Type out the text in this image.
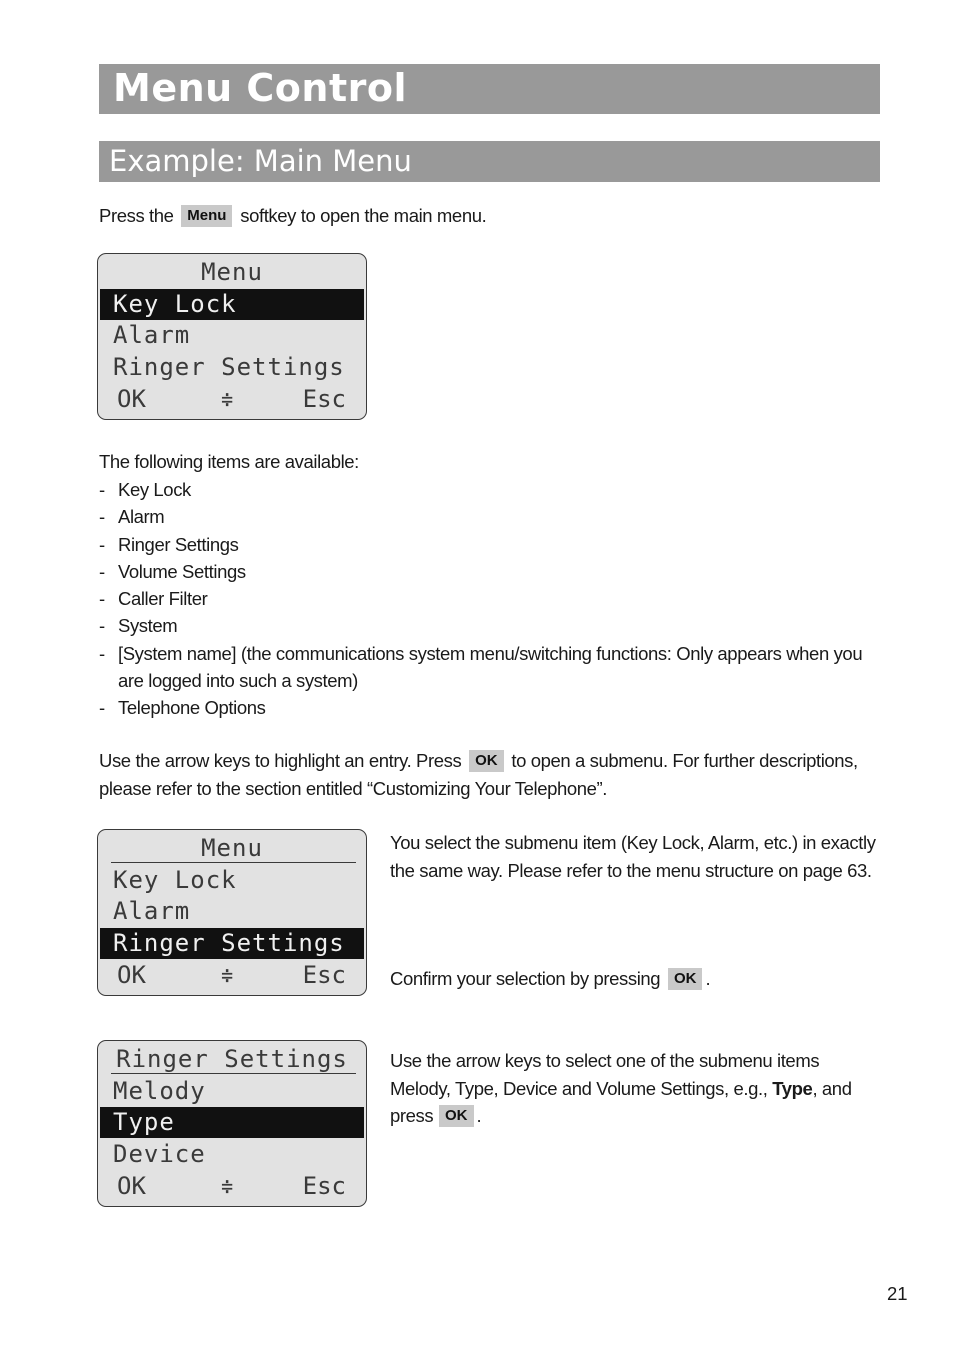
Menu Control
Example: Main Menu
Press the Menu softkey to open the main menu.
Menu
Key Lock
Alarm
Ringer Settings
OK	≑	Esc
The following items are available:
- Key Lock
- Alarm
- Ringer Settings
- Volume Settings
- Caller Filter
- System
- [System name] (the communications system menu/switching functions: Only appears when you are logged into such a system)
- Telephone Options
Use the arrow keys to highlight an entry. Press OK to open a submenu. For further descriptions, please refer to the section entitled “Customizing Your Telephone”.
Menu
Key Lock
Alarm
Ringer Settings
OK	≑	Esc
You select the submenu item (Key Lock, Alarm, etc.) in exactly the same way. Please refer to the menu structure on page 63.
Confirm your selection by pressing OK .
Ringer Settings
Melody
Type
Device
OK	≑	Esc
Use the arrow keys to select one of the submenu items Melody, Type, Device and Volume Settings, e.g., Type, and press OK .
21
